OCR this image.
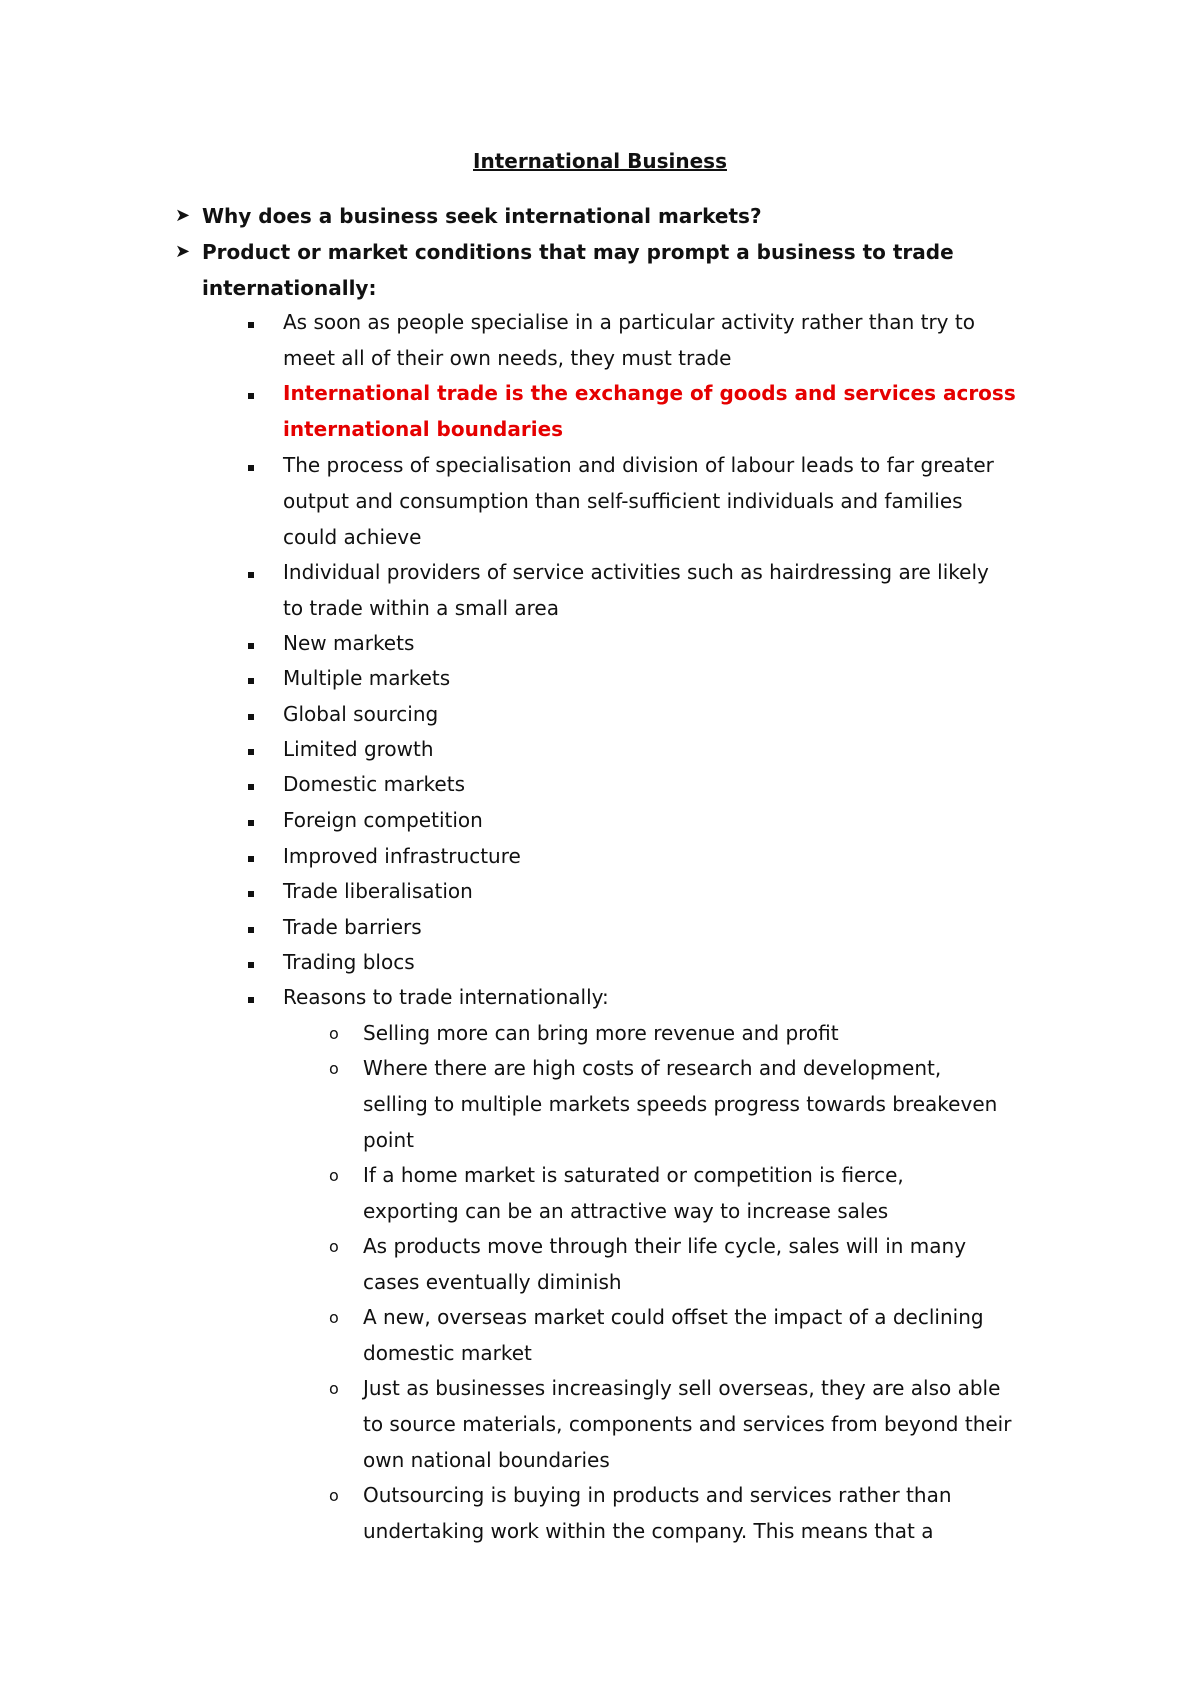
International Business
➤ Why does a business seek international markets?
➤ Product or market conditions that may prompt a business to trade
internationally:
As soon as people specialise in a particular activity rather than try to
meet all of their own needs, they must trade
International trade is the exchange of goods and services across
international boundaries
The process of specialisation and division of labour leads to far greater
output and consumption than self-sufficient individuals and families
could achieve
Individual providers of service activities such as hairdressing are likely
to trade within a small area
New markets
Multiple markets
Global sourcing
Limited growth
Domestic markets
Foreign competition
Improved infrastructure
Trade liberalisation
Trade barriers
Trading blocs
Reasons to trade internationally:
o Selling more can bring more revenue and profit
o Where there are high costs of research and development,
selling to multiple markets speeds progress towards breakeven
point
o If a home market is saturated or competition is fierce,
exporting can be an attractive way to increase sales
o As products move through their life cycle, sales will in many
cases eventually diminish
o A new, overseas market could offset the impact of a declining
domestic market
o Just as businesses increasingly sell overseas, they are also able
to source materials, components and services from beyond their
own national boundaries
o Outsourcing is buying in products and services rather than
undertaking work within the company. This means that a
